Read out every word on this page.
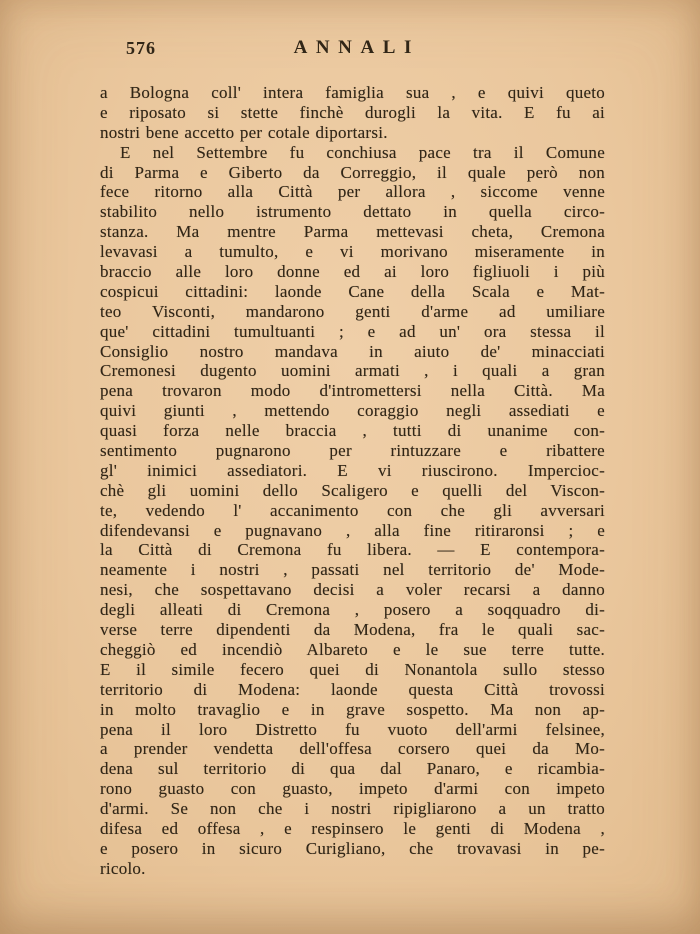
576	ANNALI
a Bologna coll' intera famiglia sua , e quivi queto
e riposato si stette finchè durogli la vita. E fu ai
nostri bene accetto per cotale diportarsi.
E nel Settembre fu conchiusa pace tra il Comune
di Parma e Giberto da Correggio, il quale però non
fece ritorno alla Città per allora , siccome venne
stabilito nello istrumento dettato in quella circo-
stanza. Ma mentre Parma mettevasi cheta, Cremona
levavasi a tumulto, e vi morivano miseramente in
braccio alle loro donne ed ai loro figliuoli i più
cospicui cittadini: laonde Cane della Scala e Mat-
teo Visconti, mandarono genti d'arme ad umiliare
que' cittadini tumultuanti ; e ad un' ora stessa il
Consiglio nostro mandava in aiuto de' minacciati
Cremonesi dugento uomini armati , i quali a gran
pena trovaron modo d'intromettersi nella Città. Ma
quivi giunti , mettendo coraggio negli assediati e
quasi forza nelle braccia , tutti di unanime con-
sentimento pugnarono per rintuzzare e ribattere
gl' inimici assediatori. E vi riuscirono. Impercioc-
chè gli uomini dello Scaligero e quelli del Viscon-
te, vedendo l' accanimento con che gli avversari
difendevansi e pugnavano , alla fine ritiraronsi ; e
la Città di Cremona fu libera. — E contempora-
neamente i nostri , passati nel territorio de' Mode-
nesi, che sospettavano decisi a voler recarsi a danno
degli alleati di Cremona , posero a soqquadro di-
verse terre dipendenti da Modena, fra le quali sac-
cheggiò ed incendiò Albareto e le sue terre tutte.
E il simile fecero quei di Nonantola sullo stesso
territorio di Modena: laonde questa Città trovossi
in molto travaglio e in grave sospetto. Ma non ap-
pena il loro Distretto fu vuoto dell'armi felsinee,
a prender vendetta dell'offesa corsero quei da Mo-
dena sul territorio di qua dal Panaro, e ricambia-
rono guasto con guasto, impeto d'armi con impeto
d'armi. Se non che i nostri ripigliarono a un tratto
difesa ed offesa , e respinsero le genti di Modena ,
e posero in sicuro Curigliano, che trovavasi in pe-
ricolo.
